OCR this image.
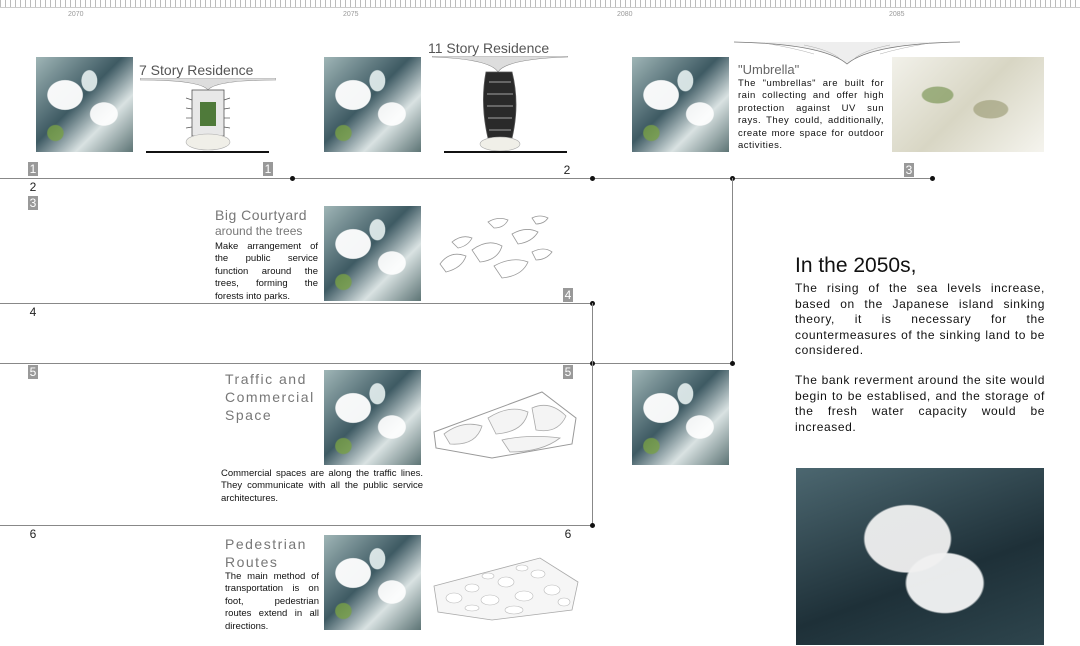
2070	2075	2080	2085
7 Story Residence
11 Story Residence
"Umbrella"
The "umbrellas" are built for rain collecting and offer high protection against UV sun rays. They could, additionally, create more space for outdoor activities.
1
2
3
1	2	3
4
4
5	5
6	6
Big Courtyard
around the trees
Make arrangement of the public service function around the trees, forming the forests into parks.
Traffic and Commercial Space
Commercial spaces are along the traffic lines. They communicate with all the public service architectures.
Pedestrian Routes
The main method of transportation is on foot, pedestrian routes extend in all directions.
In the 2050s,
The rising of the sea levels increase, based on the Japanese island sinking theory, it is necessary for the countermeasures of the sinking land to be considered.
The bank reverment around the site would begin to be establised, and the storage of the fresh water capacity would be increased.
